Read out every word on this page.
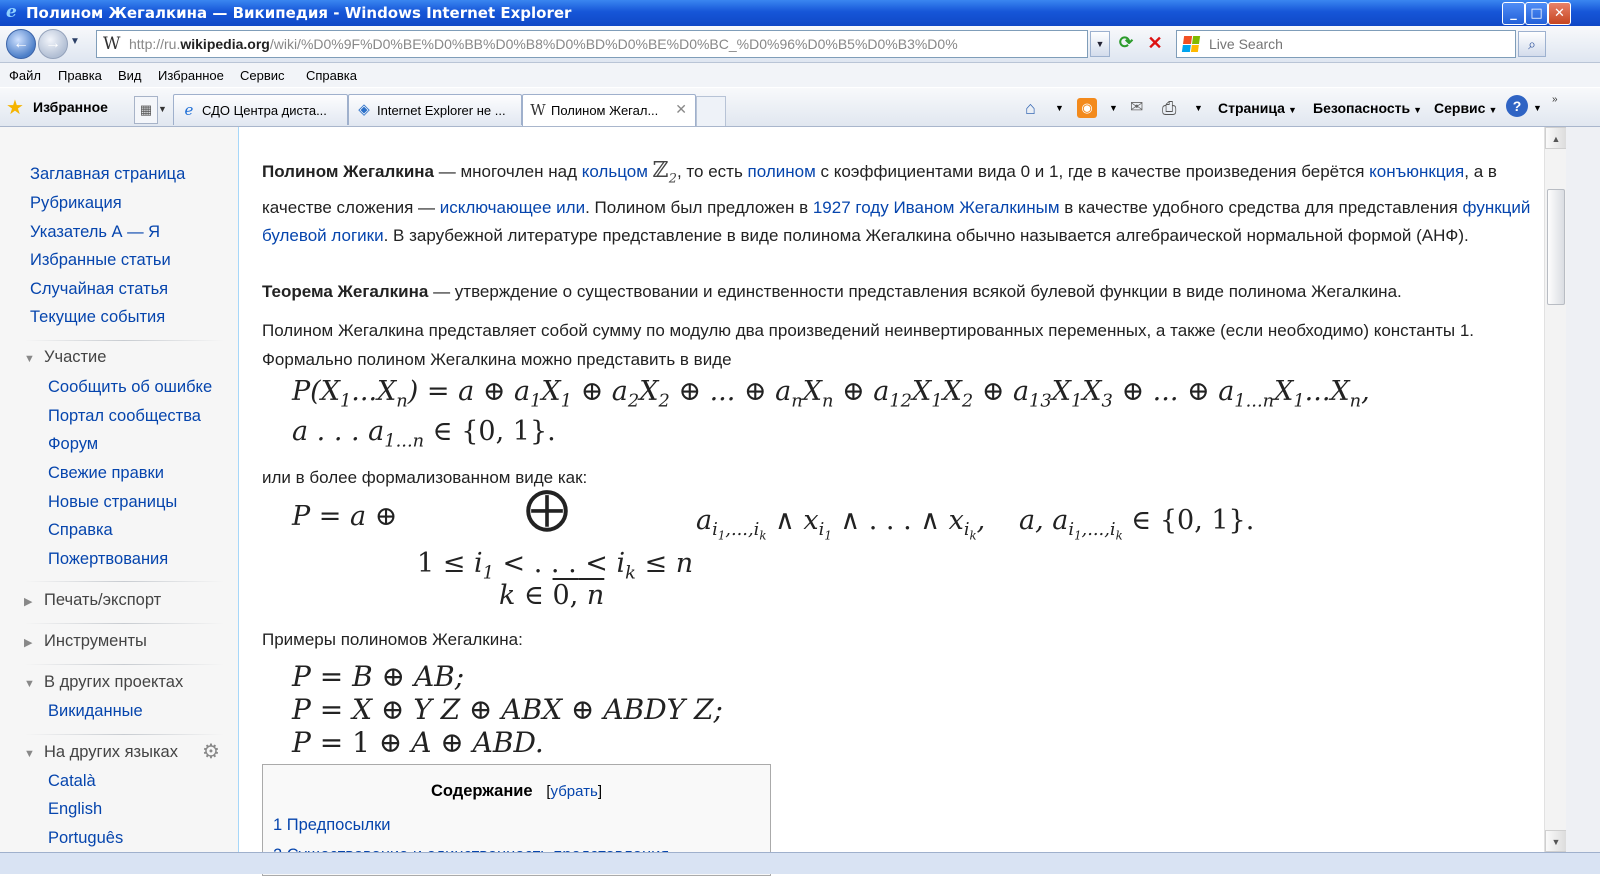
e Полином Жегалкина — Википедия - Windows Internet Explorer	_	□ ✕
←	→ ▼ W http://ru.wikipedia.org/wiki/%D0%9F%D0%BE%D0%BB%D0%B8%D0%BD%D0%BE%D0%BC_%D0%96%D0%B5%D0%B3%D0%	▼ ⟳ ✕
Live Search	⌕
Файл Правка Вид Избранное Сервис Справка
★ Избранное	▦ ▼	e СДО Центра диста... ◈ Internet Explorer не ... W Полином Жегал... ✕	⌂ ▼	◉	▼ ✉ ⎙ ▼ Страница ▼ Безопасность ▼ Сервис ▼	?	▼
»
Заглавная страница
Рубрикация
Указатель А — Я
Избранные статьи
Случайная статья
Текущие события
▼ Участие
Сообщить об ошибке
Портал сообщества
Форум
Свежие правки
Новые страницы
Справка
Пожертвования
▶ Печать/экспорт
▶ Инструменты
▼ В других проектах
Викиданные
▼ На других языках ⚙
Català
English
Português

Полином Жегалкина — многочлен над кольцом ℤ$_2$, то есть полином с коэффициентами вида 0 и 1, где в качестве произведения берётся конъюнкция, а в качестве сложения — исключающее или. Полином был предложен в 1927 году Иваном Жегалкиным в качестве удобного средства для представления функций булевой логики. В зарубежной литературе представление в виде полинома Жегалкина обычно называется алгебраической нормальной формой (АНФ).

Теорема Жегалкина — утверждение о существовании и единственности представления всякой булевой функции в виде полинома Жегалкина.

Полином Жегалкина представляет собой сумму по модулю два произведений неинвертированных переменных, а также (если необходимо) константы 1. Формально полином Жегалкина можно представить в виде

$P(X_1...X_n) = a$ ⊕ $a_1X_1$ ⊕ $a_2X_2$ ⊕ ... ⊕ $a_nX_n$ ⊕ $a_{12}X_1X_2$ ⊕ $a_{13}X_1X_3$ ⊕ ... ⊕ $a_{1...n}X_1...X_n$,
a . . . $a_{1...n}$ ∈ {0, 1}.

или в более формализованном виде как:

P = a ⊕	⨁	$a_{i_1,...,i_k}$ ∧ $x_{i_1}$ ∧ . . . ∧ $x_{i_k}$, a, $a_{i_1,...,i_k}$ ∈ {0, 1}.
$1 \le i_1$ < . . . < $i_k \le n$
k ∈ 0, n

Примеры полиномов Жегалкина:

P = B ⊕ AB;
P = X ⊕ Y Z ⊕ ABX ⊕ ABDY Z;
P = 1 ⊕ A ⊕ ABD.
Содержание [убрать]
1 Предпосылки
▲
▼
